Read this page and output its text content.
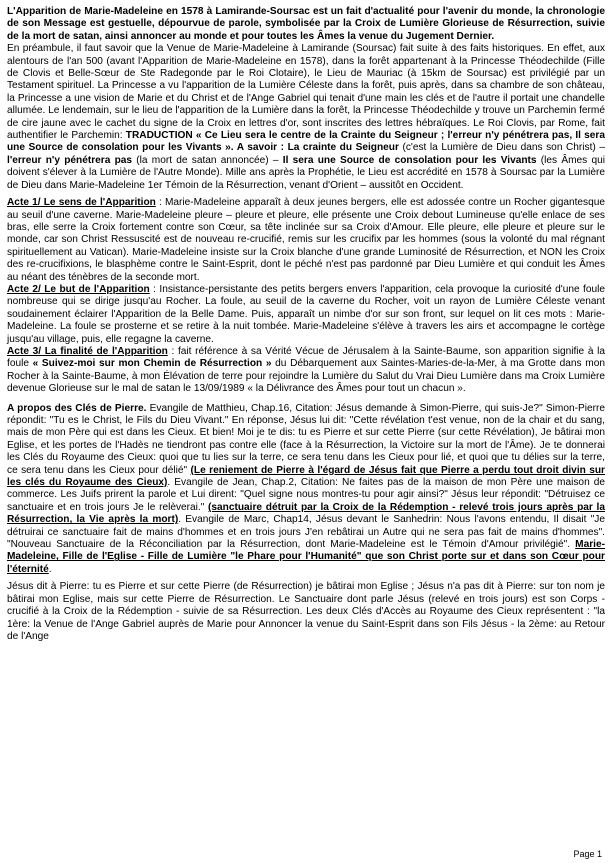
L'Apparition de Marie-Madeleine en 1578 à Lamirande-Soursac est un fait d'actualité pour l'avenir du monde, la chronologie de son Message est gestuelle, dépourvue de parole, symbolisée par la Croix de Lumière Glorieuse de Résurrection, suivie de la mort de satan, ainsi annoncer au monde et pour toutes les Âmes la venue du Jugement Dernier.

En préambule, il faut savoir que la Venue de Marie-Madeleine à Lamirande (Soursac) fait suite à des faits historiques. En effet, aux alentours de l'an 500 (avant l'Apparition de Marie-Madeleine en 1578), dans la forêt appartenant à la Princesse Théodechilde (Fille de Clovis et Belle-Sœur de Ste Radegonde par le Roi Clotaire), le Lieu de Mauriac (à 15km de Soursac) est privilégié par un Testament spirituel. La Princesse a vu l'apparition de la Lumière Céleste dans la forêt, puis après, dans sa chambre de son château, la Princesse a une vision de Marie et du Christ et de l'Ange Gabriel qui tenait d'une main les clés et de l'autre il portait une chandelle allumée. Le lendemain, sur le lieu de l'apparition de la Lumière dans la forêt, la Princesse Théodechilde y trouve un Parchemin fermé de cire jaune avec le cachet du signe de la Croix en lettres d'or, sont inscrites des lettres hébraïques. Le Roi Clovis, par Rome, fait authentifier le Parchemin: TRADUCTION « Ce Lieu sera le centre de la Crainte du Seigneur ; l'erreur n'y pénétrera pas, Il sera une Source de consolation pour les Vivants ». A savoir : La crainte du Seigneur (c'est la Lumière de Dieu dans son Christ) – l'erreur n'y pénétrera pas (la mort de satan annoncée) – Il sera une Source de consolation pour les Vivants (les Âmes qui doivent s'élever à la Lumière de l'Autre Monde). Mille ans après la Prophétie, le Lieu est accrédité en 1578 à Soursac par la Lumière de Dieu dans Marie-Madeleine 1er Témoin de la Résurrection, venant d'Orient – aussitôt en Occident.

Acte 1/ Le sens de l'Apparition : Marie-Madeleine apparaît à deux jeunes bergers, elle est adossée contre un Rocher gigantesque au seuil d'une caverne. Marie-Madeleine pleure – pleure et pleure, elle présente une Croix debout Lumineuse qu'elle enlace de ses bras, elle serre la Croix fortement contre son Cœur, sa tête inclinée sur sa Croix d'Amour. Elle pleure, elle pleure et pleure sur le monde, car son Christ Ressuscité est de nouveau re-crucifié, remis sur les crucifix par les hommes (sous la volonté du mal régnant spirituellement au Vatican). Marie-Madeleine insiste sur la Croix blanche d'une grande Luminosité de Résurrection, et NON les Croix des re-crucifixions, le blasphème contre le Saint-Esprit, dont le péché n'est pas pardonné par Dieu Lumière et qui conduit les Âmes au néant des ténèbres de la seconde mort.

Acte 2/ Le but de l'Apparition : Insistance-persistante des petits bergers envers l'apparition, cela provoque la curiosité d'une foule nombreuse qui se dirige jusqu'au Rocher. La foule, au seuil de la caverne du Rocher, voit un rayon de Lumière Céleste venant soudainement éclairer l'Apparition de la Belle Dame. Puis, apparaît un nimbe d'or sur son front, sur lequel on lit ces mots : Marie-Madeleine. La foule se prosterne et se retire à la nuit tombée. Marie-Madeleine s'élève à travers les airs et accompagne le cortège jusqu'au village, puis, elle regagne la caverne.

Acte 3/ La finalité de l'Apparition : fait référence à sa Vérité Vécue de Jérusalem à la Sainte-Baume, son apparition signifie à la foule « Suivez-moi sur mon Chemin de Résurrection » du Débarquement aux Saintes-Maries-de-la-Mer, à ma Grotte dans mon Rocher à la Sainte-Baume, à mon Élévation de terre pour rejoindre la Lumière du Salut du Vrai Dieu Lumière dans ma Croix Lumière devenue Glorieuse sur le mal de satan le 13/09/1989 « la Délivrance des Âmes pour tout un chacun ».

A propos des Clés de Pierre. Evangile de Matthieu, Chap.16, Citation: Jésus demande à Simon-Pierre, qui suis-Je?" Simon-Pierre répondit: "Tu es le Christ, le Fils du Dieu Vivant." En réponse, Jésus lui dit: "Cette révélation t'est venue, non de la chair et du sang, mais de mon Père qui est dans les Cieux. Et bien! Moi je te dis: tu es Pierre et sur cette Pierre (sur cette Révélation), Je bâtirai mon Eglise, et les portes de l'Hadès ne tiendront pas contre elle (face à la Résurrection, la Victoire sur la mort de l'Âme). Je te donnerai les Clés du Royaume des Cieux: quoi que tu lies sur la terre, ce sera tenu dans les Cieux pour lié, et quoi que tu délies sur la terre, ce sera tenu dans les Cieux pour délié" (Le reniement de Pierre à l'égard de Jésus fait que Pierre a perdu tout droit divin sur les clés du Royaume des Cieux). Evangile de Jean, Chap.2, Citation: Ne faites pas de la maison de mon Père une maison de commerce. Les Juifs prirent la parole et Lui dirent: "Quel signe nous montres-tu pour agir ainsi?" Jésus leur répondit: "Détruisez ce sanctuaire et en trois jours Je le relèverai." (sanctuaire détruit par la Croix de la Rédemption - relevé trois jours après par la Résurrection, la Vie après la mort). Evangile de Marc, Chap14, Jésus devant le Sanhedrin: Nous l'avons entendu, Il disait "Je détruirai ce sanctuaire fait de mains d'hommes et en trois jours J'en rebâtirai un Autre qui ne sera pas fait de mains d'hommes". "Nouveau Sanctuaire de la Réconciliation par la Résurrection, dont Marie-Madeleine est le Témoin d'Amour privilégié". Marie-Madeleine, Fille de l'Eglise - Fille de Lumière "le Phare pour l'Humanité" que son Christ porte sur et dans son Cœur pour l'éternité.

Jésus dit à Pierre: tu es Pierre et sur cette Pierre (de Résurrection) je bâtirai mon Eglise ; Jésus n'a pas dit à Pierre: sur ton nom je bâtirai mon Eglise, mais sur cette Pierre de Résurrection. Le Sanctuaire dont parle Jésus (relevé en trois jours) est son Corps - crucifié à la Croix de la Rédemption - suivie de sa Résurrection. Les deux Clés d'Accès au Royaume des Cieux représentent : "la 1ère: la Venue de l'Ange Gabriel auprès de Marie pour Annoncer la venue du Saint-Esprit dans son Fils Jésus - la 2ème: au Retour de l'Ange

Page 1
